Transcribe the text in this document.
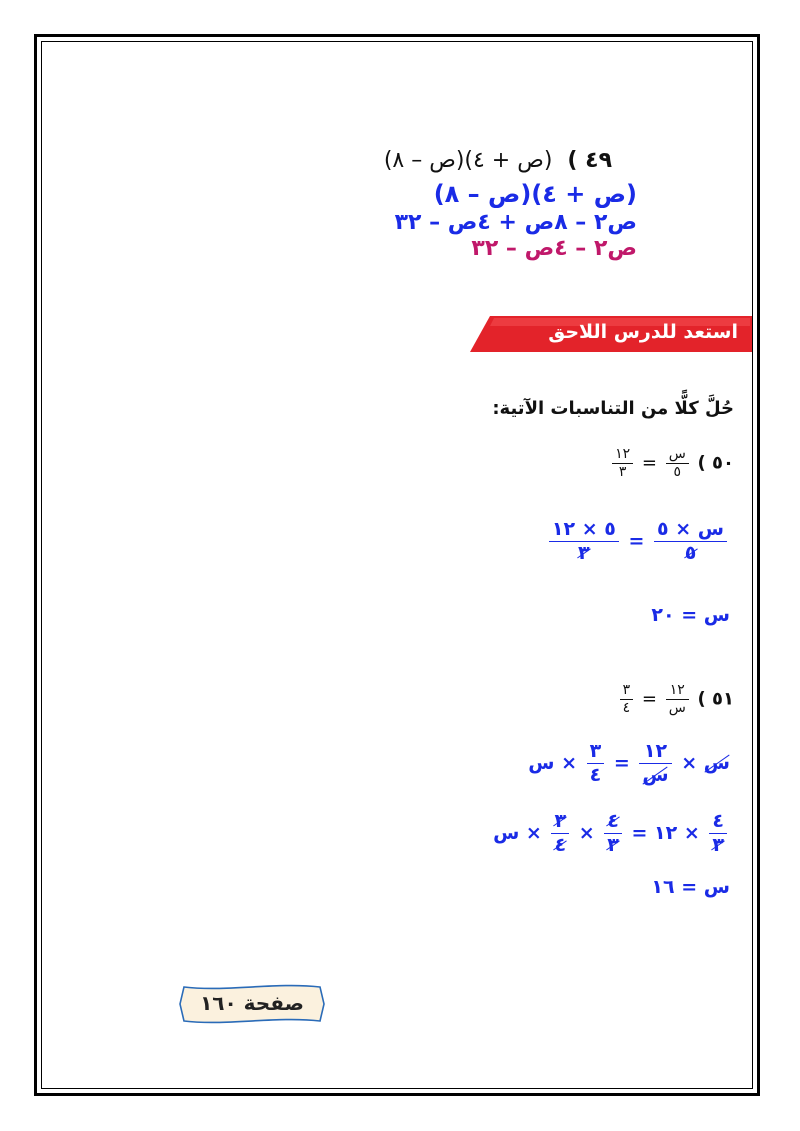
٤٩ ) (ص + ٤)(ص – ٨)
(ص + ٤)(ص – ٨)
ص٢ – ٨ص + ٤ص – ٣٢
ص٢ – ٤ص – ٣٢
استعد للدرس اللاحق
حُلَّ كلًّا من التناسبات الآتية:
٥٠ )
$\frac{\text{س}}{٥}$
=
$\frac{١٢}{٣}$
$\frac{\text{س × ٥}}{٥}$
=
$\frac{٥ \times ١٢}{٣}$
س = ٢٠
٥١ )
$\frac{١٢}{\text{س}}$
=
$\frac{٣}{٤}$
س ×
$\frac{١٢}{\text{س}}$
=
$\frac{٣}{٤}$
× س
$\frac{٤}{٣}$
× ١٢ =
$\frac{٤}{٣}$
×
$\frac{٣}{٤}$
× س
س = ١٦
صفحة ١٦٠
